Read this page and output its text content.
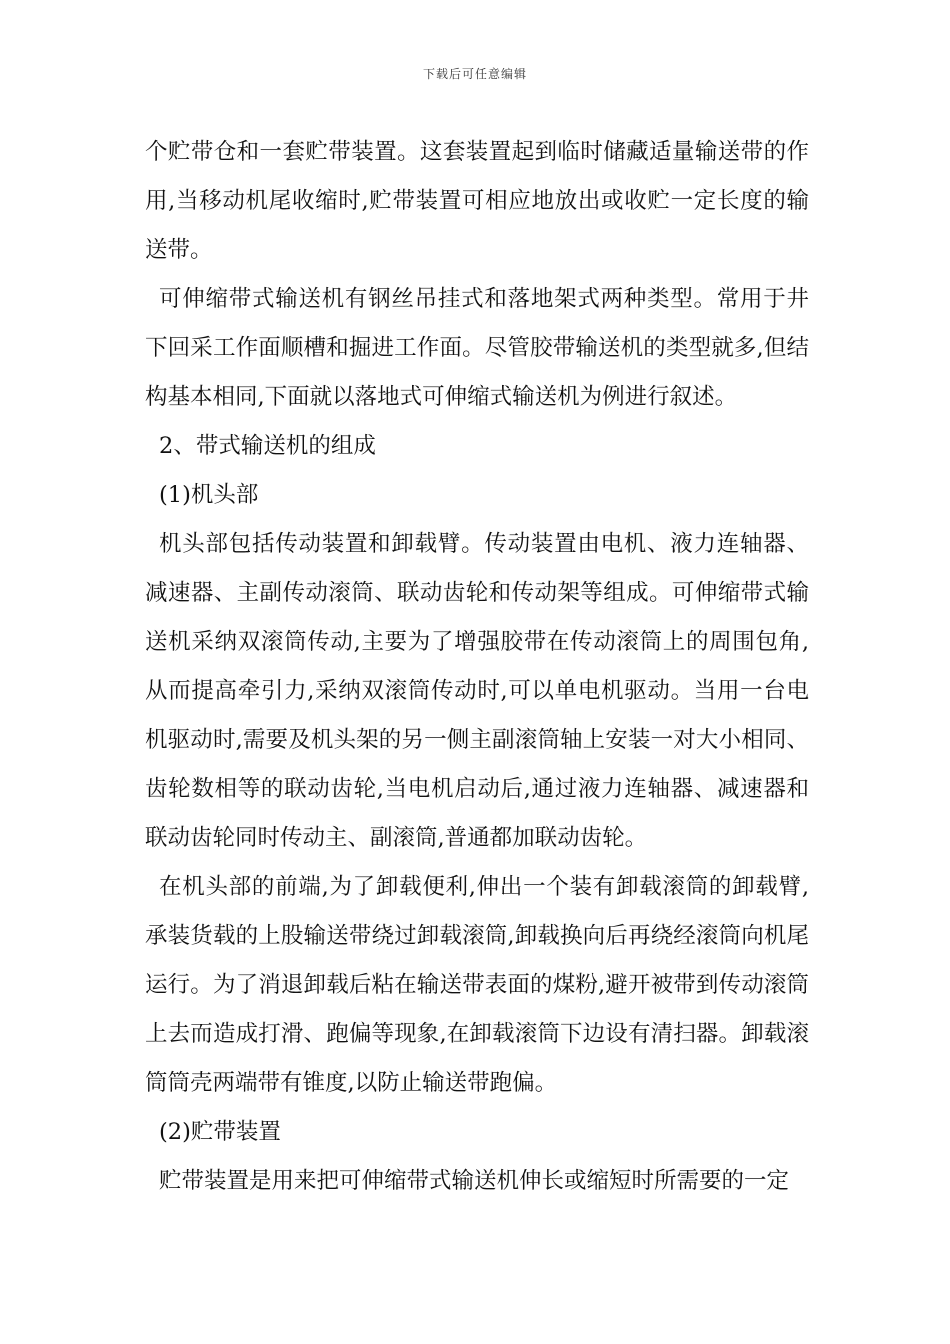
下载后可任意编辑

个贮带仓和一套贮带装置。这套装置起到临时储藏适量输送带的作用,当移动机尾收缩时,贮带装置可相应地放出或收贮一定长度的输送带。

可伸缩带式输送机有钢丝吊挂式和落地架式两种类型。常用于井下回采工作面顺槽和掘进工作面。尽管胶带输送机的类型就多,但结构基本相同,下面就以落地式可伸缩式输送机为例进行叙述。

2、带式输送机的组成

(1)机头部

机头部包括传动装置和卸载臂。传动装置由电机、液力连轴器、减速器、主副传动滚筒、联动齿轮和传动架等组成。可伸缩带式输送机采纳双滚筒传动,主要为了增强胶带在传动滚筒上的周围包角,从而提高牵引力,采纳双滚筒传动时,可以单电机驱动。当用一台电机驱动时,需要及机头架的另一侧主副滚筒轴上安装一对大小相同、齿轮数相等的联动齿轮,当电机启动后,通过液力连轴器、减速器和联动齿轮同时传动主、副滚筒,普通都加联动齿轮。

在机头部的前端,为了卸载便利,伸出一个装有卸载滚筒的卸载臂,承装货载的上股输送带绕过卸载滚筒,卸载换向后再绕经滚筒向机尾运行。为了消退卸载后粘在输送带表面的煤粉,避开被带到传动滚筒上去而造成打滑、跑偏等现象,在卸载滚筒下边设有清扫器。卸载滚筒筒壳两端带有锥度,以防止输送带跑偏。

(2)贮带装置

贮带装置是用来把可伸缩带式输送机伸长或缩短时所需要的一定
